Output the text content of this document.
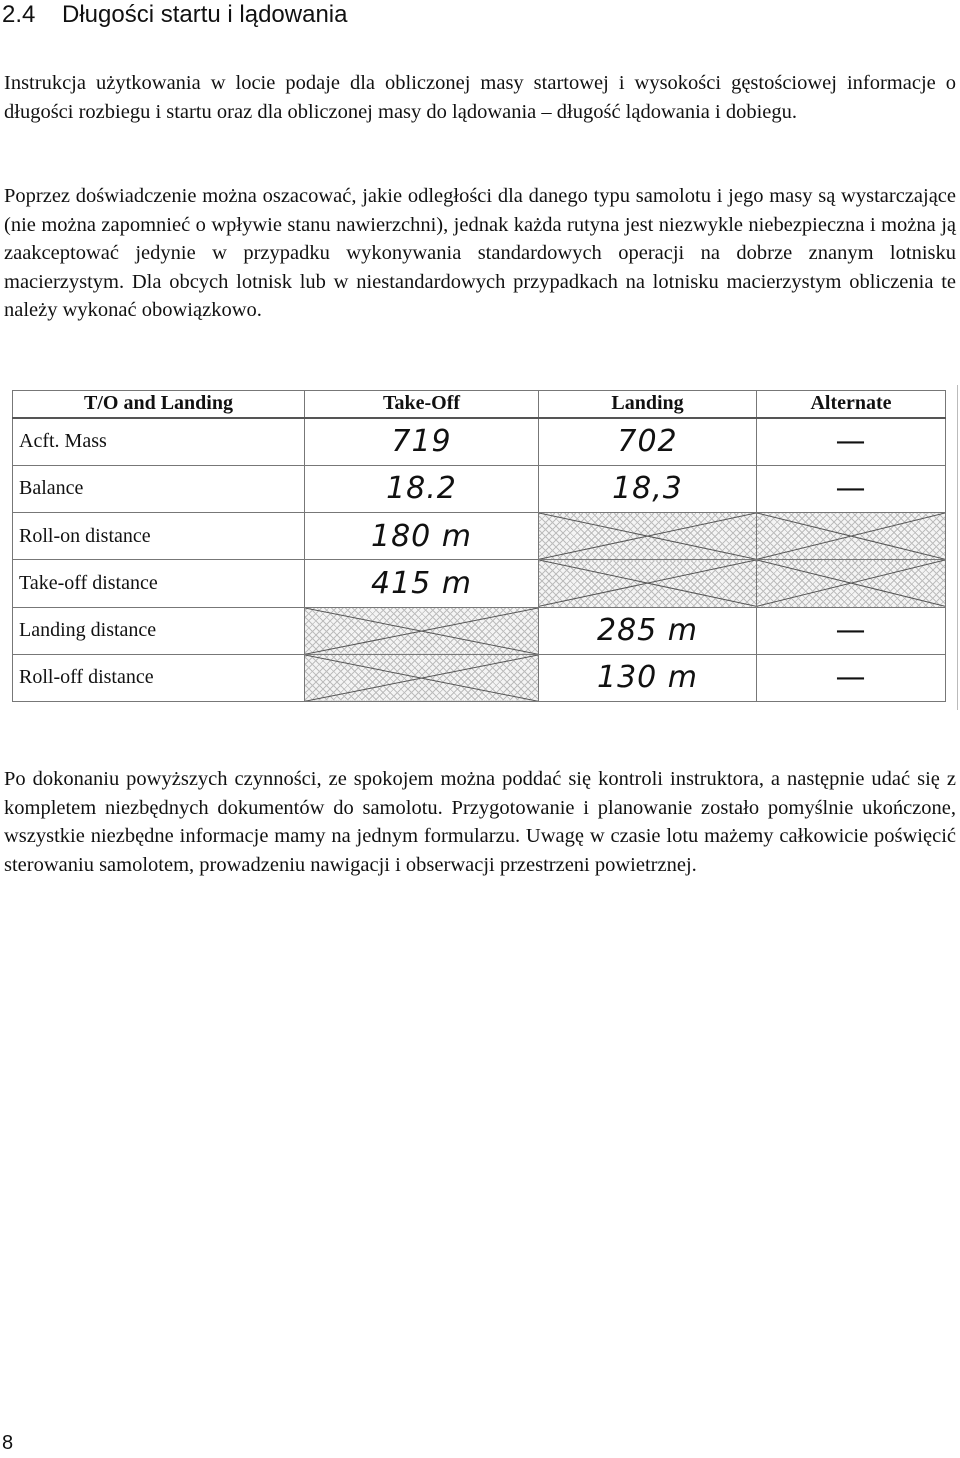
2.4 Długości startu i lądowania

Instrukcja użytkowania w locie podaje dla obliczonej masy startowej i wysokości gęstościowej informacje o długości rozbiegu i startu oraz dla obliczonej masy do lądowania – długość lądowania i dobiegu.

Poprzez doświadczenie można oszacować, jakie odległości dla danego typu samolotu i jego masy są wystarczające (nie można zapomnieć o wpływie stanu nawierzchni), jednak każda rutyna jest niezwykle niebezpieczna i można ją zaakceptować jedynie w przypadku wykonywania standardowych operacji na dobrze znanym lotnisku macierzystym. Dla obcych lotnisk lub w niestandardowych przypadkach na lotnisku macierzystym obliczenia te należy wykonać obowiązkowo.

T/O and Landing	Take-Off	Landing	Alternate
Acft. Mass	719	702	—
Balance	18.2	18,3	—
Roll-on distance	180 m	

Take-off distance	415 m	

Landing distance		285 m	—
Roll-off distance		130 m	—

Po dokonaniu powyższych czynności, ze spokojem można poddać się kontroli instruktora, a następnie udać się z kompletem niezbędnych dokumentów do samolotu. Przygotowanie i planowanie zostało pomyślnie ukończone, wszystkie niezbędne informacje mamy na jednym formularzu. Uwagę w czasie lotu mażemy całkowicie poświęcić sterowaniu samolotem, prowadzeniu nawigacji i obserwacji przestrzeni powietrznej.

8
